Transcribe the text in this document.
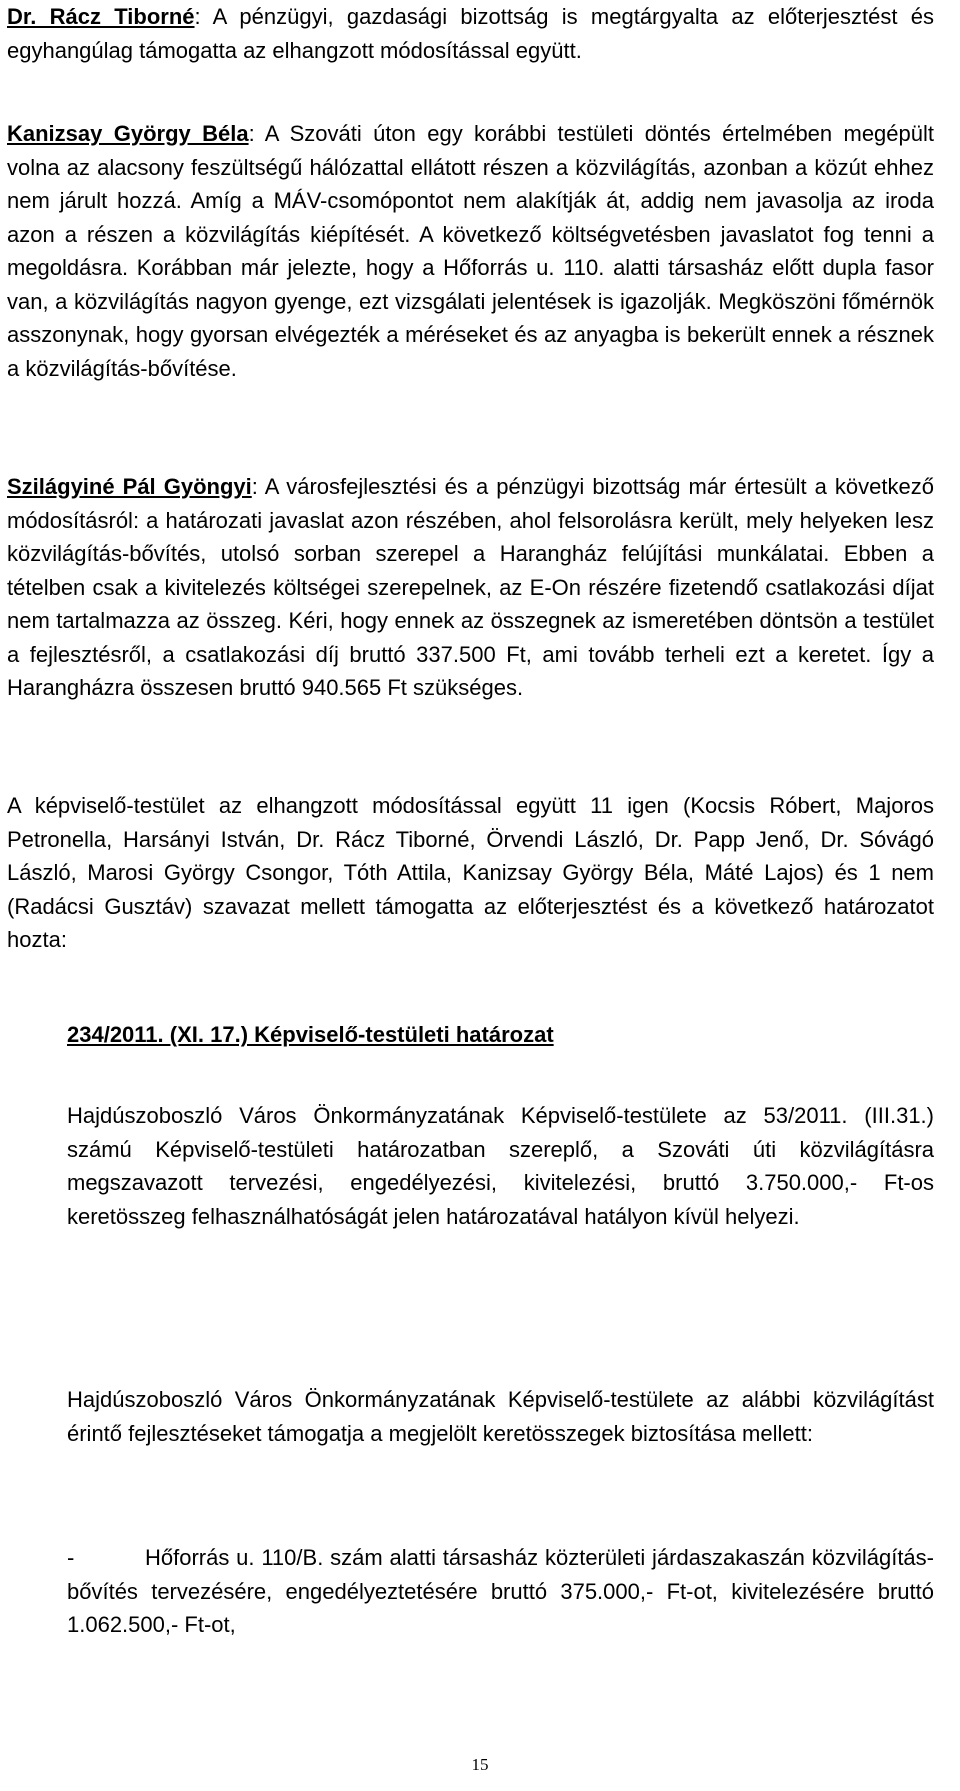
Dr. Rácz Tiborné: A pénzügyi, gazdasági bizottság is megtárgyalta az előterjesztést és egyhangúlag támogatta az elhangzott módosítással együtt.

Kanizsay György Béla: A Szováti úton egy korábbi testületi döntés értelmében megépült volna az alacsony feszültségű hálózattal ellátott részen a közvilágítás, azonban a közút ehhez nem járult hozzá. Amíg a MÁV-csomópontot nem alakítják át, addig nem javasolja az iroda azon a részen a közvilágítás kiépítését. A következő költségvetésben javaslatot fog tenni a megoldásra. Korábban már jelezte, hogy a Hőforrás u. 110. alatti társasház előtt dupla fasor van, a közvilágítás nagyon gyenge, ezt vizsgálati jelentések is igazolják. Megköszöni főmérnök asszonynak, hogy gyorsan elvégezték a méréseket és az anyagba is bekerült ennek a résznek a közvilágítás-bővítése.

Szilágyiné Pál Gyöngyi: A városfejlesztési és a pénzügyi bizottság már értesült a következő módosításról: a határozati javaslat azon részében, ahol felsorolásra került, mely helyeken lesz közvilágítás-bővítés, utolsó sorban szerepel a Harangház felújítási munkálatai. Ebben a tételben csak a kivitelezés költségei szerepelnek, az E-On részére fizetendő csatlakozási díjat nem tartalmazza az összeg. Kéri, hogy ennek az összegnek az ismeretében döntsön a testület a fejlesztésről, a csatlakozási díj bruttó 337.500 Ft, ami tovább terheli ezt a keretet. Így a Harangházra összesen bruttó 940.565 Ft szükséges.

A képviselő-testület az elhangzott módosítással együtt 11 igen (Kocsis Róbert, Majoros Petronella, Harsányi István, Dr. Rácz Tiborné, Örvendi László, Dr. Papp Jenő, Dr. Sóvágó László, Marosi György Csongor, Tóth Attila, Kanizsay György Béla, Máté Lajos) és 1 nem (Radácsi Gusztáv) szavazat mellett támogatta az előterjesztést és a következő határozatot hozta:

234/2011. (XI. 17.) Képviselő-testületi határozat

Hajdúszoboszló Város Önkormányzatának Képviselő-testülete az 53/2011. (III.31.) számú Képviselő-testületi határozatban szereplő, a Szováti úti közvilágításra megszavazott tervezési, engedélyezési, kivitelezési, bruttó 3.750.000,- Ft-os keretösszeg felhasználhatóságát jelen határozatával hatályon kívül helyezi.

Hajdúszoboszló Város Önkormányzatának Képviselő-testülete az alábbi közvilágítást érintő fejlesztéseket támogatja a megjelölt keretösszegek biztosítása mellett:

-	Hőforrás u. 110/B. szám alatti társasház közterületi járdaszakaszán közvilágítás-bővítés tervezésére, engedélyeztetésére bruttó 375.000,- Ft-ot, kivitelezésére bruttó 1.062.500,- Ft-ot,
15
